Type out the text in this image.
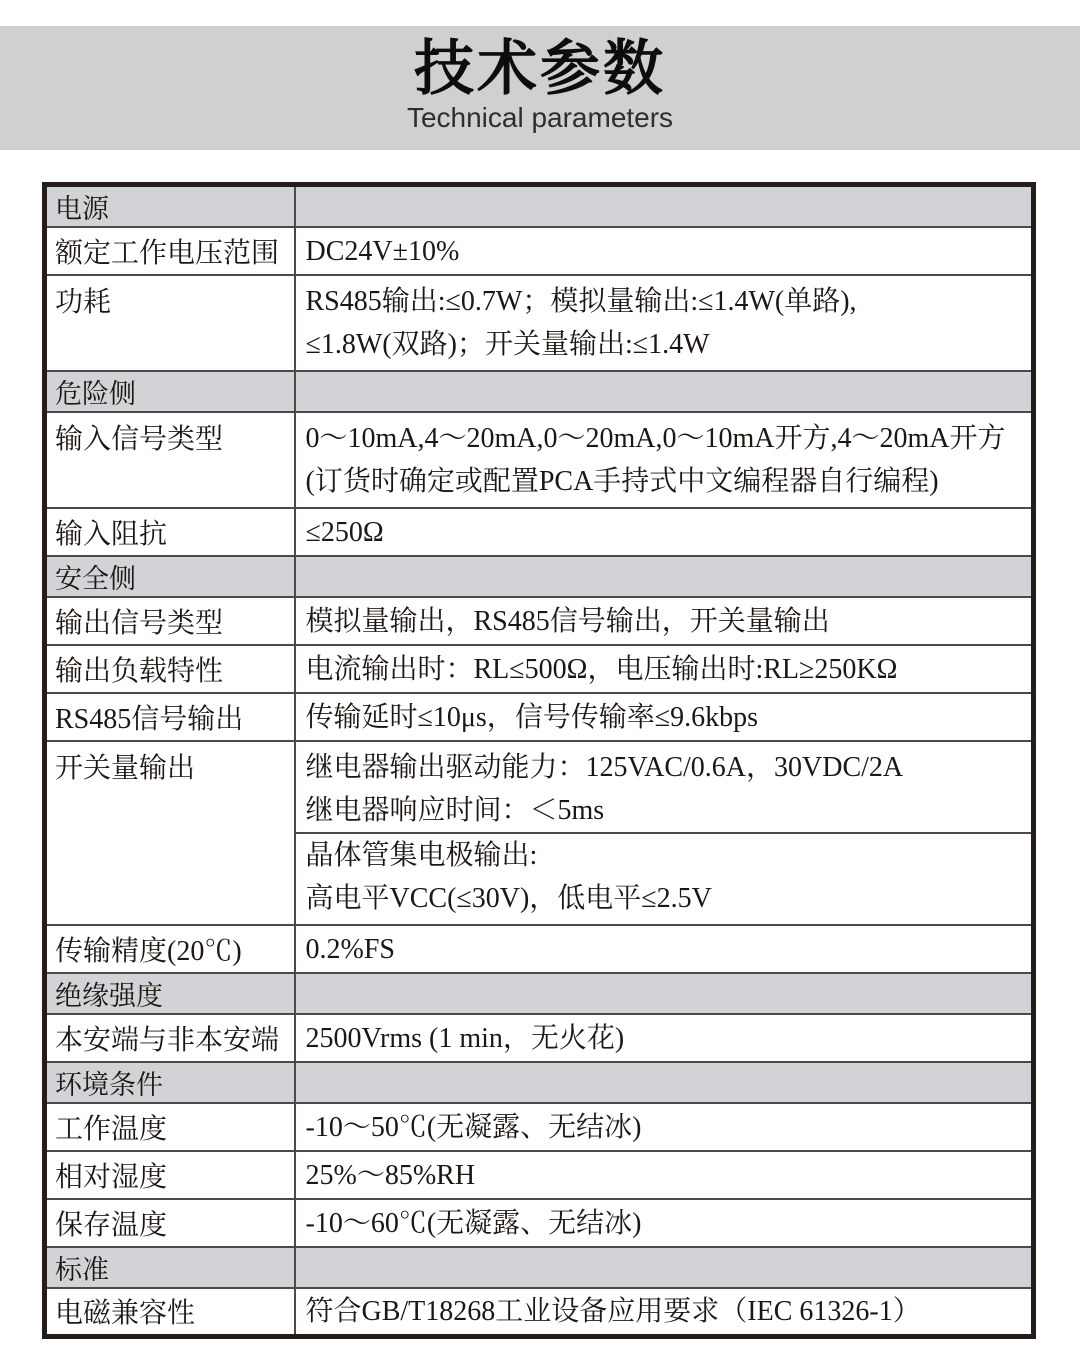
技术参数
Technical parameters
电源	
额定工作电压范围	DC24V±10%

功耗	RS485输出:≤0.7W；模拟量输出:≤1.4W(单路),
≤1.8W(双路)；开关量输出:≤1.4W

危险侧	
输入信号类型	0～10mA,4～20mA,0～20mA,0～10mA开方,4～20mA开方
(订货时确定或配置PCA手持式中文编程器自行编程)

输入阻抗	≤250Ω

安全侧	
输出信号类型	模拟量输出，RS485信号输出，开关量输出

输出负载特性	电流输出时：RL≤500Ω，电压输出时:RL≥250KΩ

RS485信号输出	传输延时≤10μs，信号传输率≤9.6kbps

开关量输出	继电器输出驱动能力：125VAC/0.6A，30VDC/2A
继电器响应时间：＜5ms
晶体管集电极输出:
高电平VCC(≤30V)，低电平≤2.5V

传输精度(20℃)	0.2%FS

绝缘强度	
本安端与非本安端	2500Vrms (1 min，无火花)

环境条件	
工作温度	-10～50℃(无凝露、无结冰)

相对湿度	25%～85%RH

保存温度	-10～60℃(无凝露、无结冰)

标准	
电磁兼容性	符合GB/T18268工业设备应用要求（IEC 61326-1）
